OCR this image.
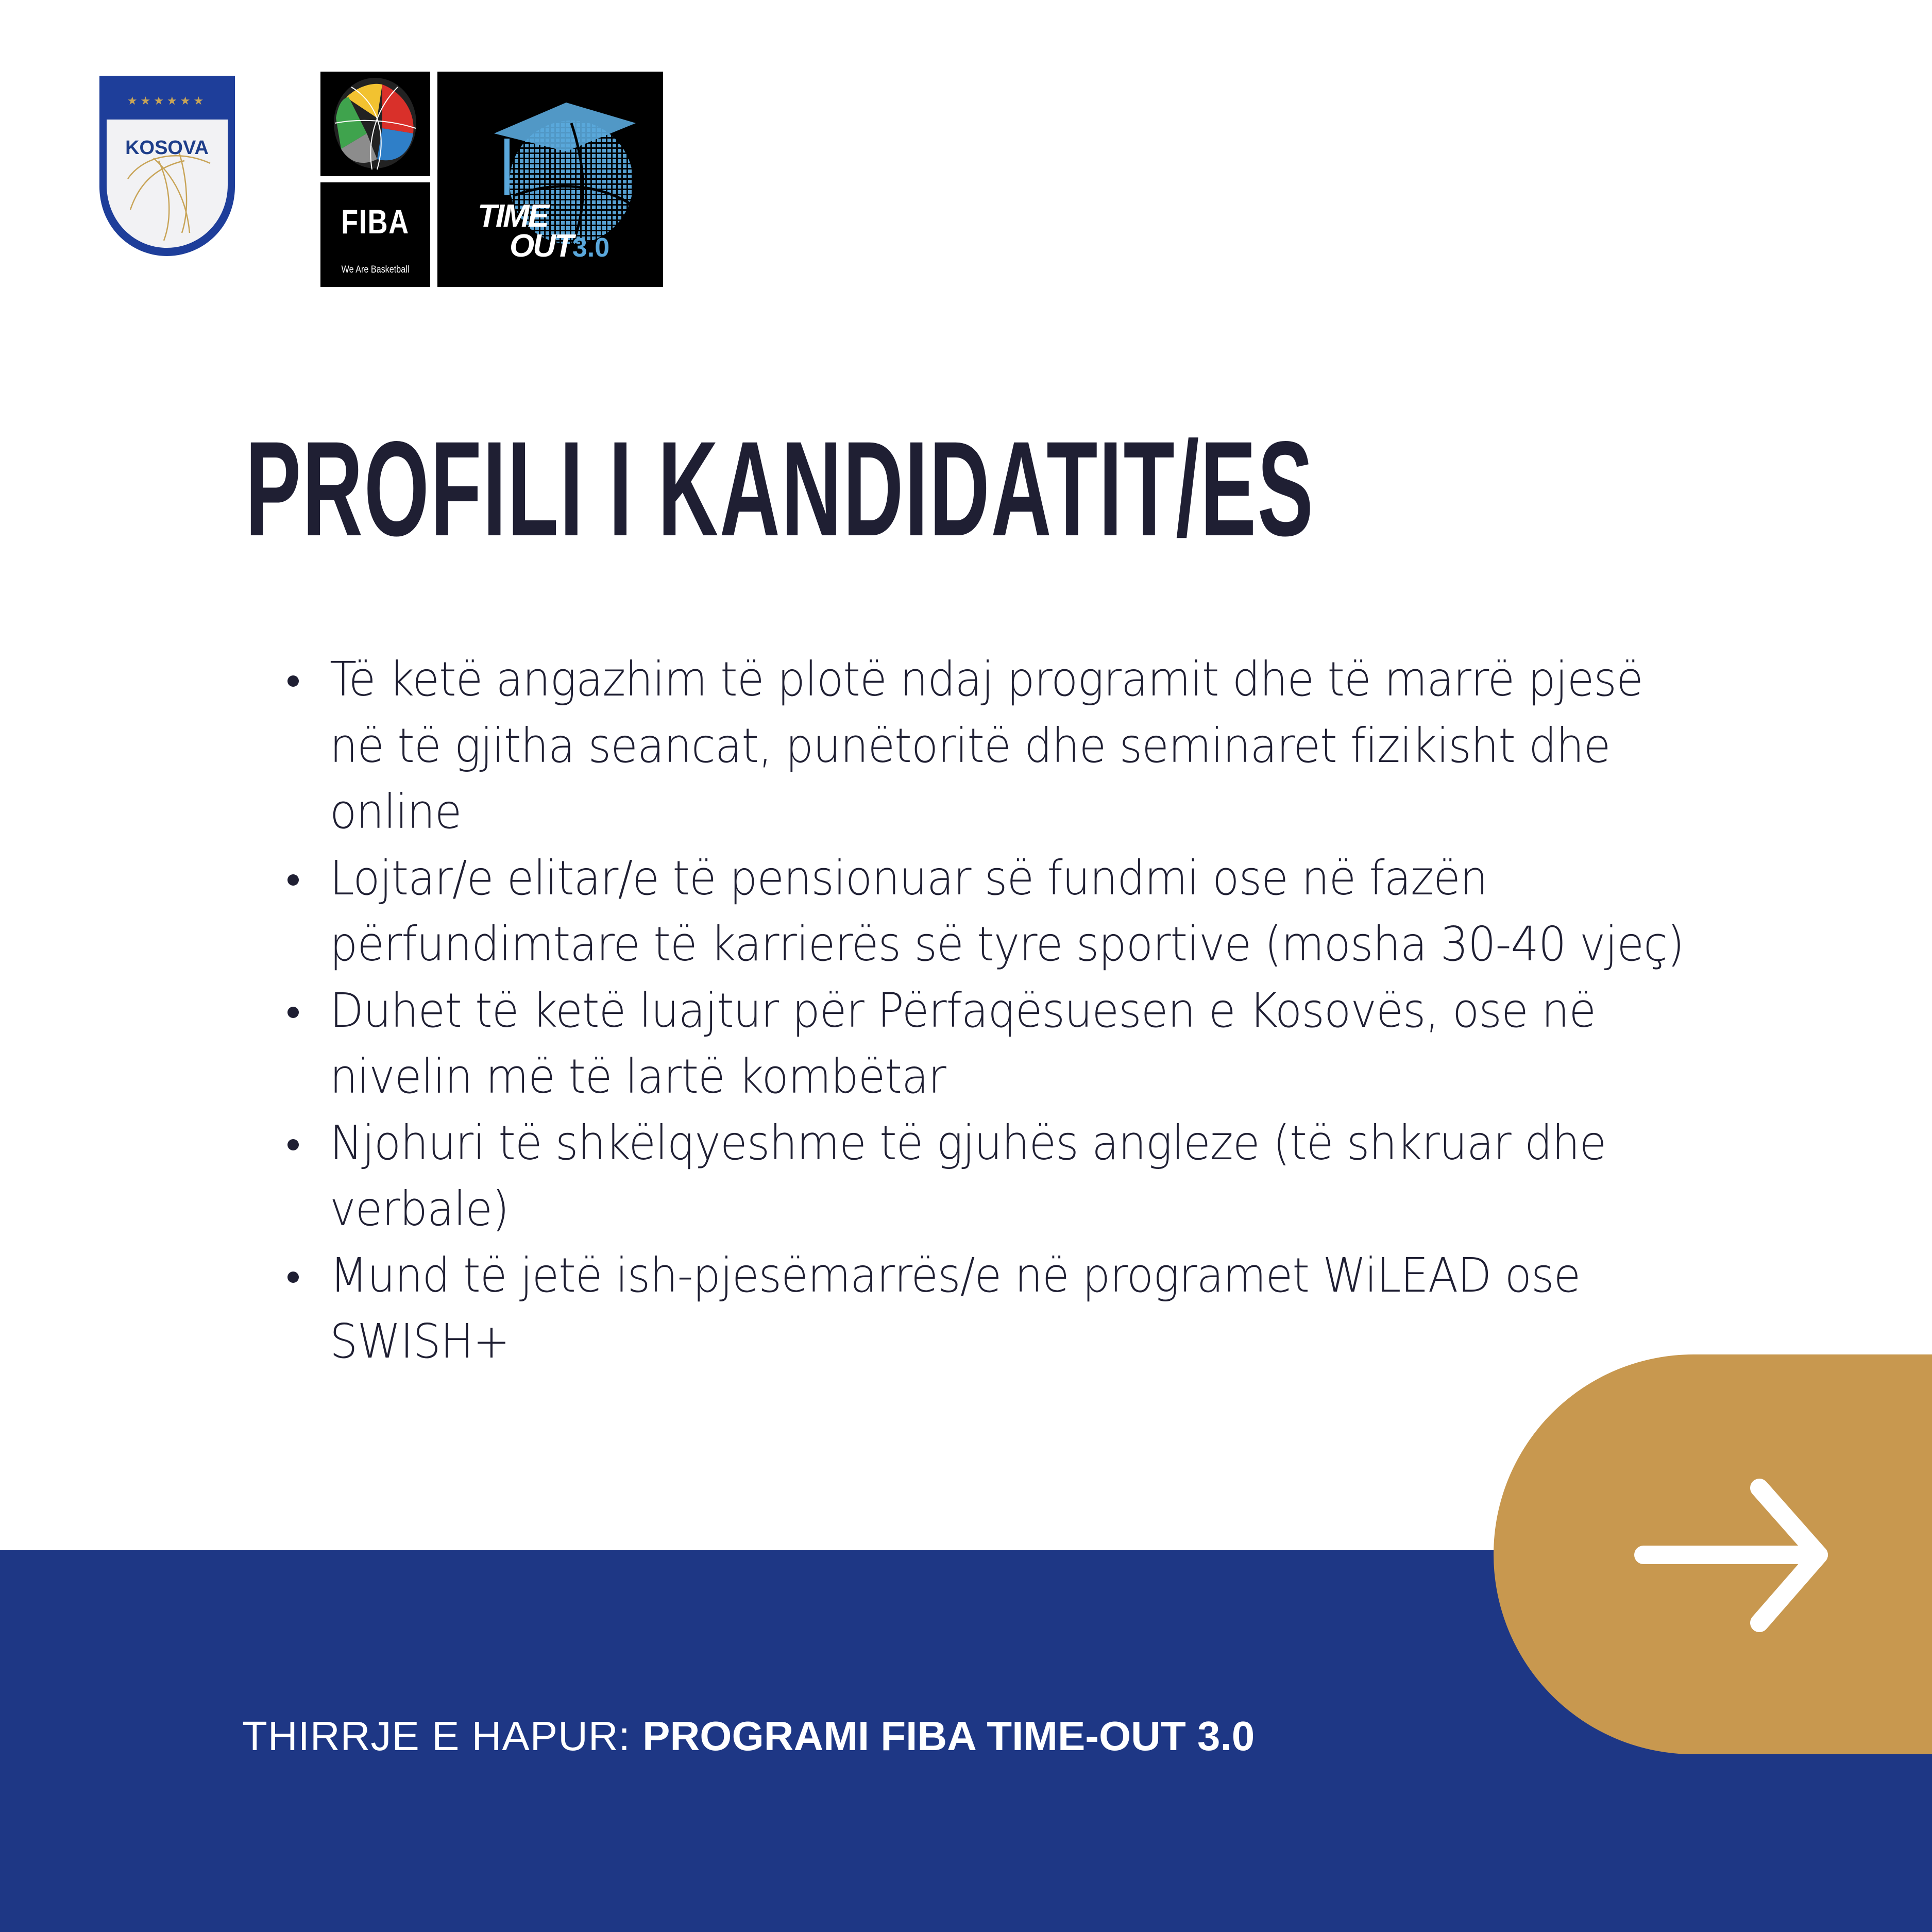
★★★★★★
KOSOVA
FIBA
We Are Basketball
TIME
OUT3.0
PROFILI I KANDIDATIT/ES
Të ketë angazhim të plotë ndaj programit dhe të marrë pjesë në të gjitha seancat, punëtoritë dhe seminaret fizikisht dhe online
Lojtar/e elitar/e të pensionuar së fundmi ose në fazën përfundimtare të karrierës së tyre sportive (mosha 30-40 vjeç)
Duhet të ketë luajtur për Përfaqësuesen e Kosovës, ose në nivelin më të lartë kombëtar
Njohuri të shkëlqyeshme të gjuhës angleze (të shkruar dhe verbale)
Mund të jetë ish-pjesëmarrës/e në programet WiLEAD ose SWISH+
THIRRJE E HAPUR: PROGRAMI FIBA TIME-OUT 3.0
